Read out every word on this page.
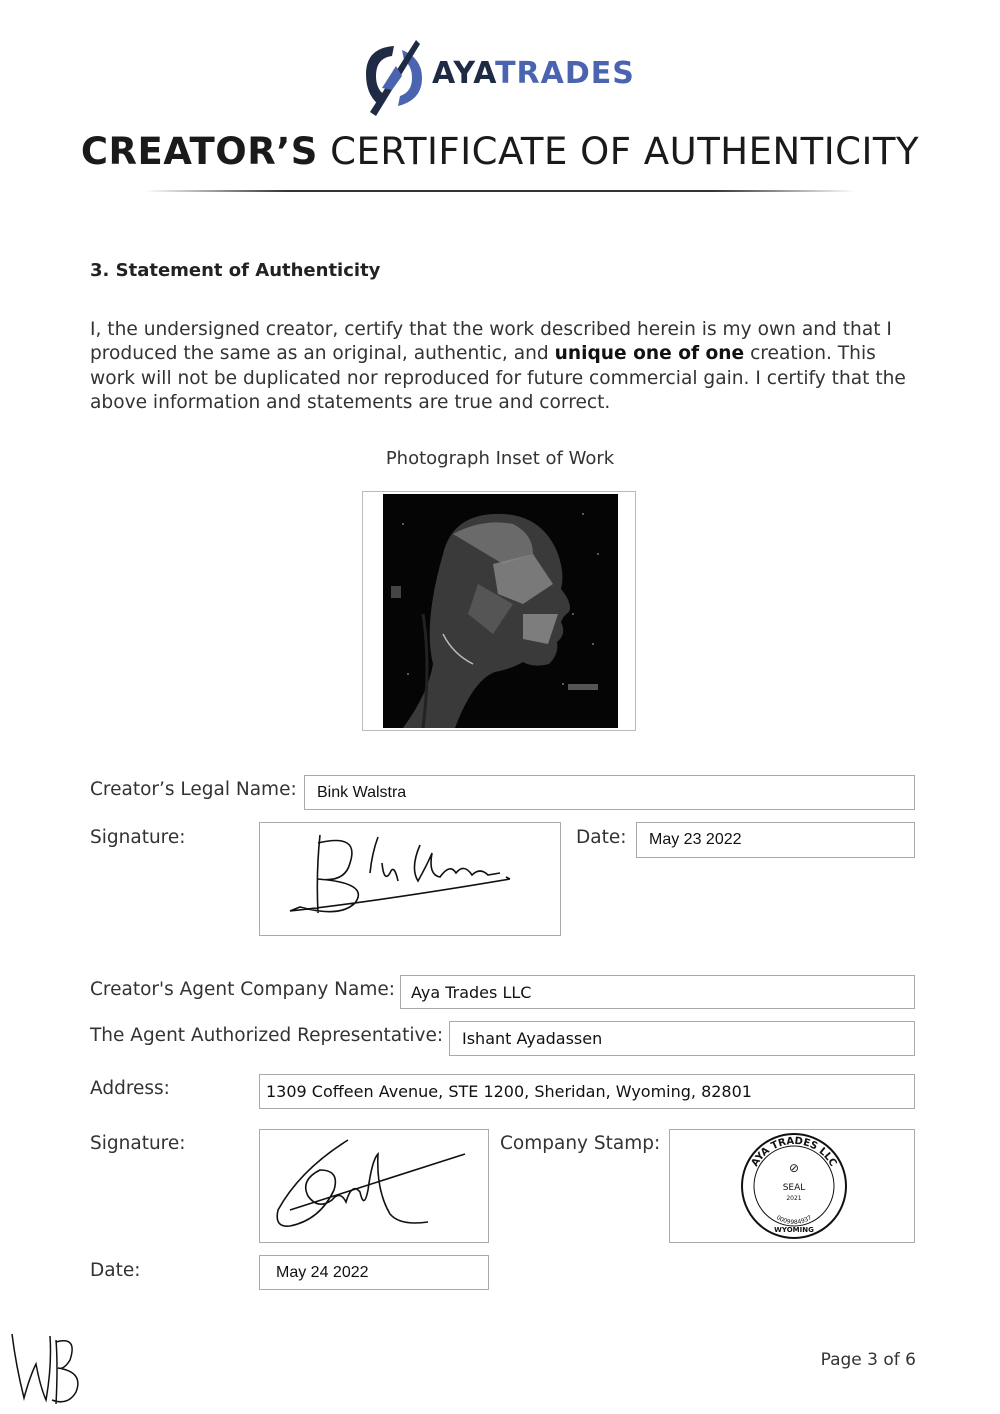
AYATRADES
CREATOR’S CERTIFICATE OF AUTHENTICITY
3. Statement of Authenticity
I, the undersigned creator, certify that the work described herein is my own and that I produced the same as an original, authentic, and unique one of one creation. This work will not be duplicated nor reproduced for future commercial gain. I certify that the above information and statements are true and correct.
Photograph Inset of Work
Creator’s Legal Name:	Bink Walstra
Signature:	Date:	May 23 2022
Creator's Agent Company Name:	Aya Trades LLC
The Agent Authorized Representative:	Ishant Ayadassen
Address:	1309 Coffeen Avenue, STE 1200, Sheridan, Wyoming, 82801
Signature:	Company Stamp:
AYA TRADES LLC
0009984937
⊘
SEAL
2021
WYOMING
Date:	May 24 2022
Page 3 of 6
